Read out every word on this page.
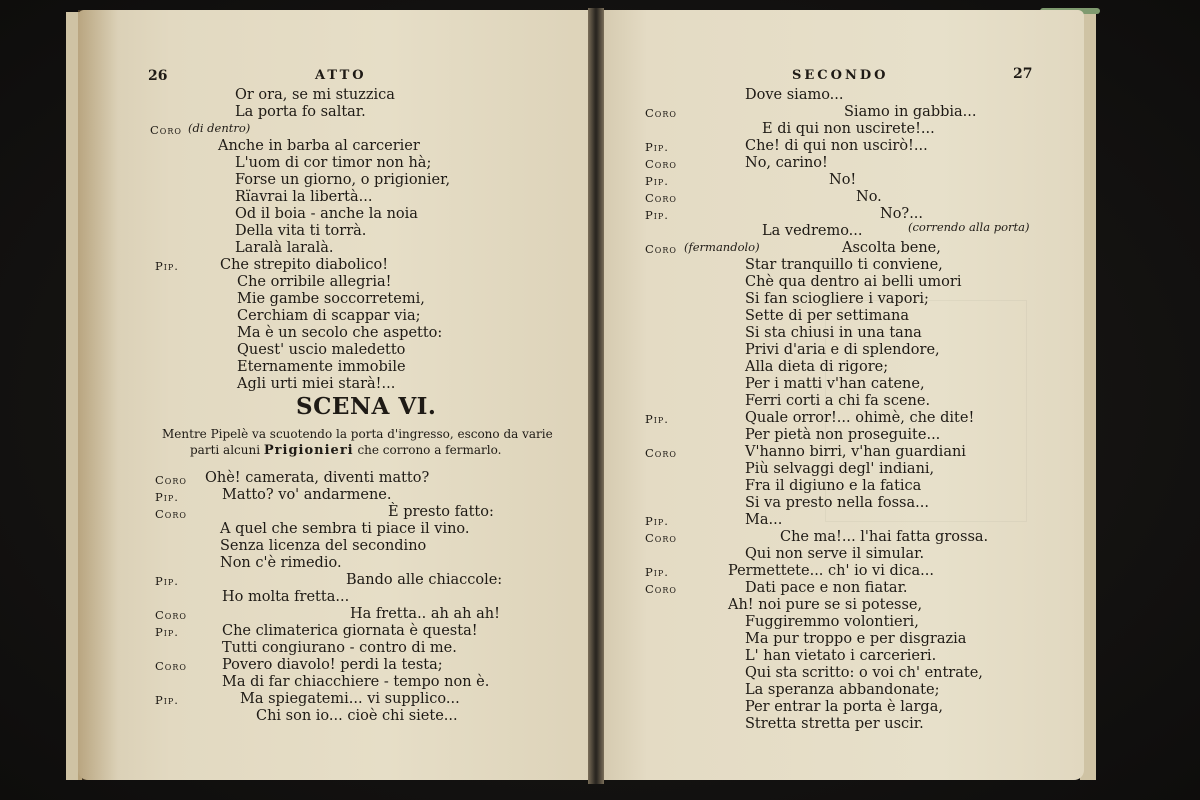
26	ATTO
Or ora, se mi stuzzica
La porta fo saltar.
Coro (di dentro)
Anche in barba al carcerier
L'uom di cor timor non hà;
Forse un giorno, o prigionier,
Rïavrai la libertà...
Od il boia - anche la noia
Della vita ti torrà.
Laralà laralà.
Pip.	Che strepito diabolico!
Che orribile allegria!
Mie gambe soccorretemi,
Cerchiam di scappar via;
Ma è un secolo che aspetto:
Quest' uscio maledetto
Eternamente immobile
Agli urti miei starà!...
SCENA VI.
Mentre Pipelè va scuotendo la porta d'ingresso, escono da varie
parti alcuni Prigionieri che corrono a fermarlo.
Coro Ohè! camerata, diventi matto?
Pip.	Matto? vo' andarmene.
Coro	È presto fatto:
A quel che sembra ti piace il vino.
Senza licenza del secondino
Non c'è rimedio.
Pip.	Bando alle chiaccole:
Ho molta fretta...
Coro	Ha fretta.. ah ah ah!
Pip.	Che climaterica giornata è questa!
Tutti congiurano - contro di me.
Coro Povero diavolo! perdi la testa;
Ma di far chiacchiere - tempo non è.
Pip.	Ma spiegatemi... vi supplico...
Chi son io... cioè chi siete...
SECONDO	27
Dove siamo...
Coro	Siamo in gabbia...
E di qui non uscirete!...
Pip.	Che! di qui non uscirò!...
Coro	No, carino!
Pip.	No!
Coro	No.
Pip.	No?...
La vedremo...	(correndo alla porta)
Coro (fermandolo)	Ascolta bene,
Star tranquillo ti conviene,
Chè qua dentro ai belli umori
Si fan sciogliere i vapori;
Sette di per settimana
Si sta chiusi in una tana
Privi d'aria e di splendore,
Alla dieta di rigore;
Per i matti v'han catene,
Ferri corti a chi fa scene.
Pip.	Quale orror!... ohimè, che dite!
Per pietà non proseguite...
Coro	V'hanno birri, v'han guardiani
Più selvaggi degl' indiani,
Fra il digiuno e la fatica
Si va presto nella fossa...
Pip.	Ma...
Coro	Che ma!... l'hai fatta grossa.
Qui non serve il simular.
Pip.	Permettete... ch' io vi dica...
Coro	Dati pace e non fiatar.
Ah! noi pure se si potesse,
Fuggiremmo volontieri,
Ma pur troppo e per disgrazia
L' han vietato i carcerieri.
Qui sta scritto: o voi ch' entrate,
La speranza abbandonate;
Per entrar la porta è larga,
Stretta stretta per uscir.
